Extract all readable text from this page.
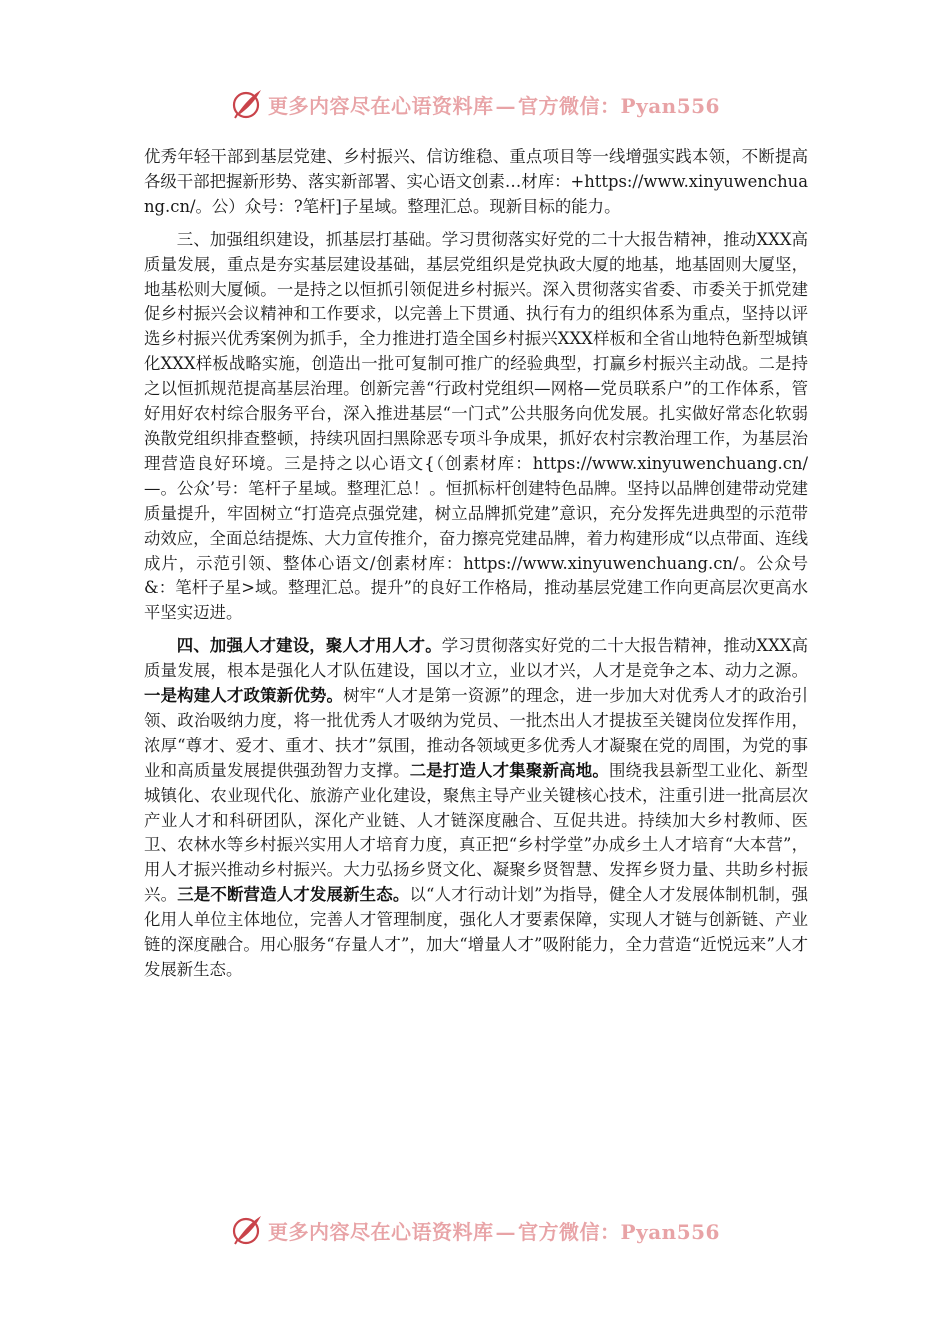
更多内容尽在心语资料库 — 官方微信：Pyan556

优秀年轻干部到基层党建、乡村振兴、信访维稳、重点项目等一线增强实践本领，不断提高各级干部把握新形势、落实新部署、实心语文创素…材库：+https://www.xinyuwenchuang.cn/。公）众号：?笔杆]子星域。整理汇总。现新目标的能力。

三、加强组织建设，抓基层打基础。学习贯彻落实好党的二十大报告精神，推动XXX高质量发展，重点是夯实基层建设基础，基层党组织是党执政大厦的地基，地基固则大厦坚，地基松则大厦倾。一是持之以恒抓引领促进乡村振兴。深入贯彻落实省委、市委关于抓党建促乡村振兴会议精神和工作要求，以完善上下贯通、执行有力的组织体系为重点，坚持以评选乡村振兴优秀案例为抓手，全力推进打造全国乡村振兴XXX样板和全省山地特色新型城镇化XXX样板战略实施，创造出一批可复制可推广的经验典型，打赢乡村振兴主动战。二是持之以恒抓规范提高基层治理。创新完善“行政村党组织—网格—党员联系户”的工作体系，管好用好农村综合服务平台，深入推进基层“一门式”公共服务向优发展。扎实做好常态化软弱涣散党组织排查整顿，持续巩固扫黑除恶专项斗争成果，抓好农村宗教治理工作，为基层治理营造良好环境。三是持之以心语文{（创素材库：https://www.xinyuwenchuang.cn/—。公众’号：笔杆子星域。整理汇总！。恒抓标杆创建特色品牌。坚持以品牌创建带动党建质量提升，牢固树立“打造亮点强党建，树立品牌抓党建”意识，充分发挥先进典型的示范带动效应，全面总结提炼、大力宣传推介，奋力擦亮党建品牌，着力构建形成“以点带面、连线成片，示范引领、整体心语文/创素材库：https://www.xinyuwenchuang.cn/。公众号&：笔杆子星>域。整理汇总。提升”的良好工作格局，推动基层党建工作向更高层次更高水平坚实迈进。

四、加强人才建设，聚人才用人才。学习贯彻落实好党的二十大报告精神，推动XXX高质量发展，根本是强化人才队伍建设，国以才立，业以才兴，人才是竞争之本、动力之源。一是构建人才政策新优势。树牢“人才是第一资源”的理念，进一步加大对优秀人才的政治引领、政治吸纳力度，将一批优秀人才吸纳为党员、一批杰出人才提拔至关键岗位发挥作用，浓厚“尊才、爱才、重才、扶才”氛围，推动各领域更多优秀人才凝聚在党的周围，为党的事业和高质量发展提供强劲智力支撑。二是打造人才集聚新高地。围绕我县新型工业化、新型城镇化、农业现代化、旅游产业化建设，聚焦主导产业关键核心技术，注重引进一批高层次产业人才和科研团队，深化产业链、人才链深度融合、互促共进。持续加大乡村教师、医卫、农林水等乡村振兴实用人才培育力度，真正把“乡村学堂”办成乡土人才培育“大本营”，用人才振兴推动乡村振兴。大力弘扬乡贤文化、凝聚乡贤智慧、发挥乡贤力量、共助乡村振兴。三是不断营造人才发展新生态。以“人才行动计划”为指导，健全人才发展体制机制，强化用人单位主体地位，完善人才管理制度，强化人才要素保障，实现人才链与创新链、产业链的深度融合。用心服务“存量人才”，加大“增量人才”吸附能力，全力营造“近悦远来”人才发展新生态。

更多内容尽在心语资料库 — 官方微信：Pyan556
